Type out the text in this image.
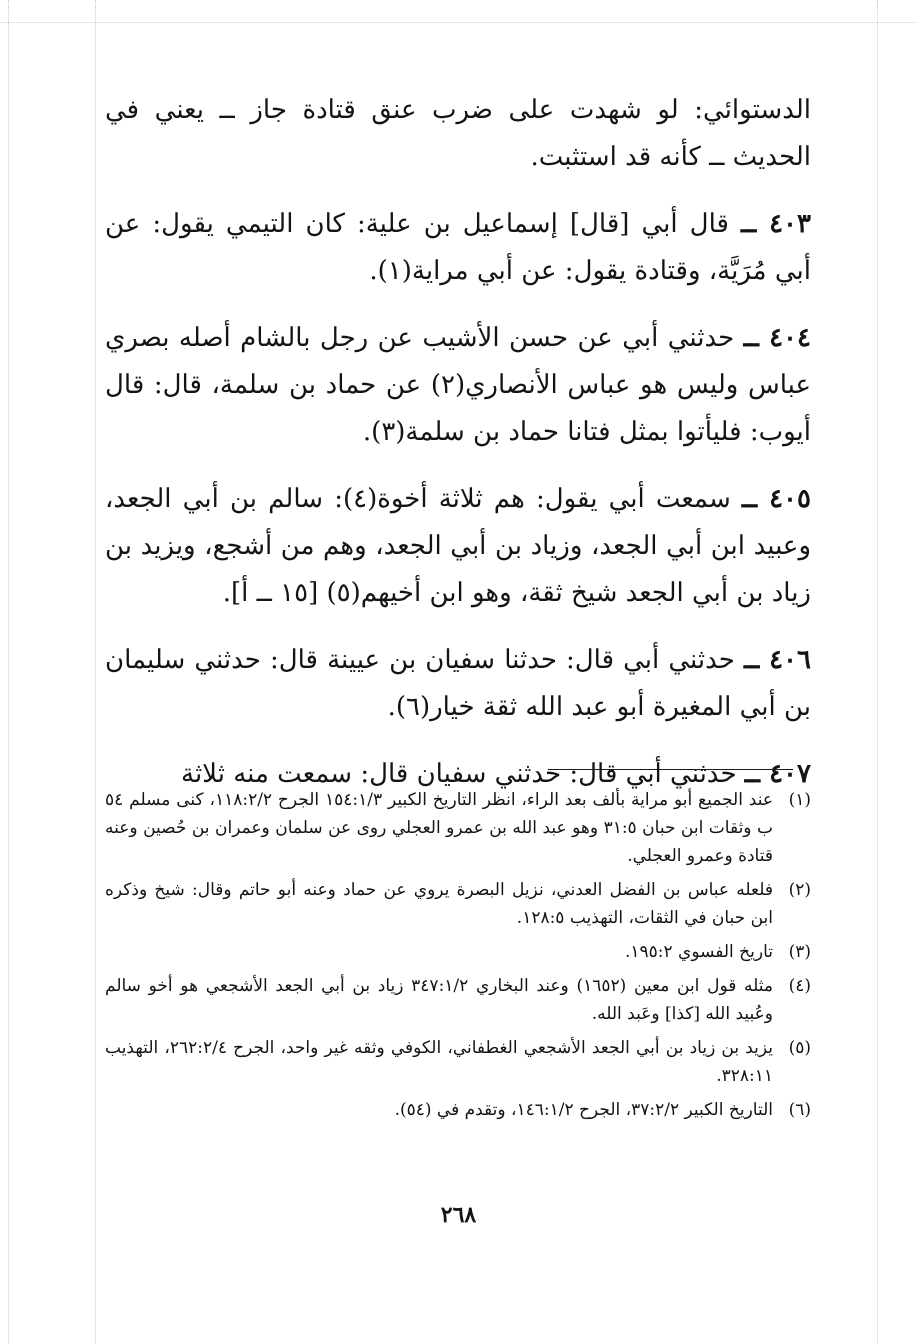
الدستوائي: لو شهدت على ضرب عنق قتادة جاز ــ يعني في الحديث ــ كأنه قد استثبت.

٤٠٣ ــ قال أبي [قال] إسماعيل بن علية: كان التيمي يقول: عن أبي مُرَيَّة، وقتادة يقول: عن أبي مراية(١).

٤٠٤ ــ حدثني أبي عن حسن الأشيب عن رجل بالشام أصله بصري عباس وليس هو عباس الأنصاري(٢) عن حماد بن سلمة، قال: قال أيوب: فليأتوا بمثل فتانا حماد بن سلمة(٣).

٤٠٥ ــ سمعت أبي يقول: هم ثلاثة أخوة(٤): سالم بن أبي الجعد، وعبيد ابن أبي الجعد، وزياد بن أبي الجعد، وهم من أشجع، ويزيد بن زياد بن أبي الجعد شيخ ثقة، وهو ابن أخيهم(٥) [١٥ ــ أ].

٤٠٦ ــ حدثني أبي قال: حدثنا سفيان بن عيينة قال: حدثني سليمان بن أبي المغيرة أبو عبد الله ثقة خيار(٦).

٤٠٧ ــ حدثني أبي قال: حدثني سفيان قال: سمعت منه ثلاثة

(١)
عند الجميع أبو مراية بألف بعد الراء، انظر التاريخ الكبير ١٥٤:١/٣ الجرح ١١٨:٢/٢، كنى مسلم ٥٤ ب وثقات ابن حبان ٣١:٥ وهو عبد الله بن عمرو العجلي روى عن سلمان وعمران بن حُصين وعنه قتادة وعمرو العجلي.
(٢)
فلعله عباس بن الفضل العدني، نزيل البصرة يروي عن حماد وعنه أبو حاتم وقال: شيخ وذكره ابن حبان في الثقات، التهذيب ١٢٨:٥.
(٣)
تاريخ الفسوي ١٩٥:٢.
(٤)
مثله قول ابن معين (١٦٥٢) وعند البخاري ٣٤٧:١/٢ زياد بن أبي الجعد الأشجعي هو أخو سالم وعُبيد الله [كذا] وعَبد الله.
(٥)
يزيد بن زياد بن أبي الجعد الأشجعي الغطفاني، الكوفي وثقه غير واحد، الجرح ٢٦٢:٢/٤، التهذيب ٣٢٨:١١.
(٦)
التاريخ الكبير ٣٧:٢/٢، الجرح ١٤٦:١/٢، وتقدم في (٥٤).
٢٦٨
